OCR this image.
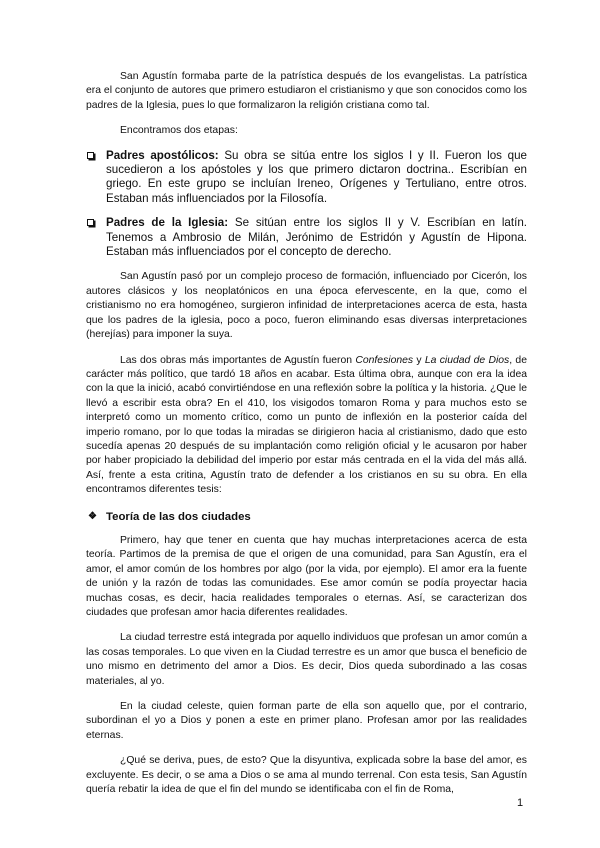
San Agustín formaba parte de la patrística después de los evangelistas. La patrística era el conjunto de autores que primero estudiaron el cristianismo y que son conocidos como los padres de la Iglesia, pues lo que formalizaron la religión cristiana como tal.

Encontramos dos etapas:

Padres apostólicos: Su obra se sitúa entre los siglos I y II. Fueron los que sucedieron a los apóstoles y los que primero dictaron doctrina.. Escribían en griego. En este grupo se incluían Ireneo, Orígenes y Tertuliano, entre otros. Estaban más influenciados por la Filosofía.

Padres de la Iglesia: Se sitúan entre los siglos II y V. Escribían en latín. Tenemos a Ambrosio de Milán, Jerónimo de Estridón y Agustín de Hipona. Estaban más influenciados por el concepto de derecho.

San Agustín pasó por un complejo proceso de formación, influenciado por Cicerón, los autores clásicos y los neoplatónicos en una época efervescente, en la que, como el cristianismo no era homogéneo, surgieron infinidad de interpretaciones acerca de esta, hasta que los padres de la iglesia, poco a poco, fueron eliminando esas diversas interpretaciones (herejías) para imponer la suya.

Las dos obras más importantes de Agustín fueron Confesiones y La ciudad de Dios, de carácter más político, que tardó 18 años en acabar. Esta última obra, aunque con era la idea con la que la inició, acabó convirtiéndose en una reflexión sobre la política y la historia. ¿Que le llevó a escribir esta obra? En el 410, los visigodos tomaron Roma y para muchos esto se interpretó como un momento crítico, como un punto de inflexión en la posterior caída del imperio romano, por lo que todas la miradas se dirigieron hacia al cristianismo, dado que esto sucedía apenas 20 después de su implantación como religión oficial y le acusaron por haber por haber propiciado la debilidad del imperio por estar más centrada en el la vida del más allá. Así, frente a esta critina, Agustín trato de defender a los cristianos en su su obra. En ella encontramos diferentes tesis:

❖ Teoría de las dos ciudades

Primero, hay que tener en cuenta que hay muchas interpretaciones acerca de esta teoría. Partimos de la premisa de que el origen de una comunidad, para San Agustín, era el amor, el amor común de los hombres por algo (por la vida, por ejemplo). El amor era la fuente de unión y la razón de todas las comunidades. Ese amor común se podía proyectar hacia muchas cosas, es decir, hacia realidades temporales o eternas. Así, se caracterizan dos ciudades que profesan amor hacia diferentes realidades.

La ciudad terrestre está integrada por aquello individuos que profesan un amor común a las cosas temporales. Lo que viven en la Ciudad terrestre es un amor que busca el beneficio de uno mismo en detrimento del amor a Dios. Es decir, Dios queda subordinado a las cosas materiales, al yo.

En la ciudad celeste, quien forman parte de ella son aquello que, por el contrario, subordinan el yo a Dios y ponen a este en primer plano. Profesan amor por las realidades eternas.

¿Qué se deriva, pues, de esto? Que la disyuntiva, explicada sobre la base del amor, es excluyente. Es decir, o se ama a Dios o se ama al mundo terrenal. Con esta tesis, San Agustín quería rebatir la idea de que el fin del mundo se identificaba con el fin de Roma,

1
